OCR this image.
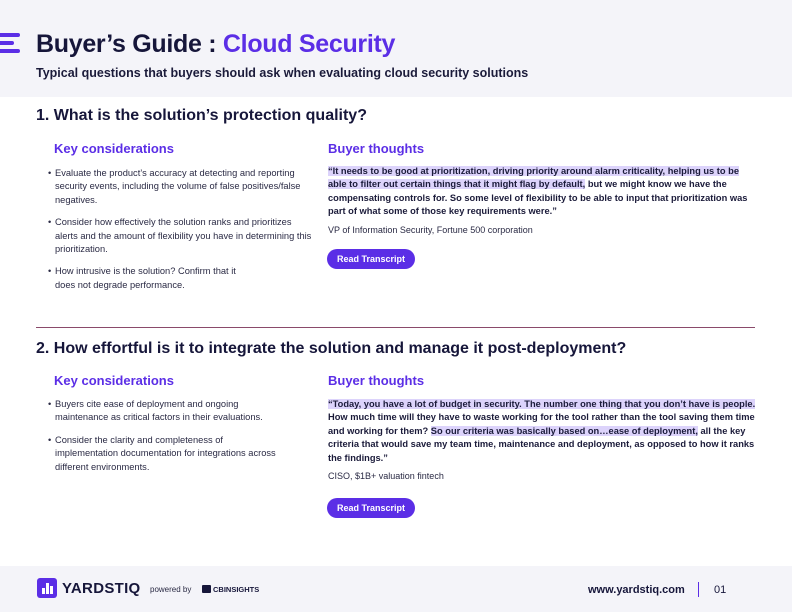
Buyer’s Guide : Cloud Security
Typical questions that buyers should ask when evaluating cloud security solutions
1. What is the solution’s protection quality?
Key considerations	Buyer thoughts
• Evaluate the product’s accuracy at detecting and reporting security events, including the volume of false positives/false negatives.
• Consider how effectively the solution ranks and prioritizes alerts and the amount of flexibility you have in determining this prioritization.
• How intrusive is the solution? Confirm that it does not degrade performance.
“It needs to be good at prioritization, driving priority around alarm criticality, helping us to be able to filter out certain things that it might flag by default, but we might know we have the compensating controls for. So some level of flexibility to be able to input that prioritization was part of what some of those key requirements were.”
VP of Information Security, Fortune 500 corporation
Read Transcript
2. How effortful is it to integrate the solution and manage it post-deployment?
Key considerations	Buyer thoughts
• Buyers cite ease of deployment and ongoing maintenance as critical factors in their evaluations.
• Consider the clarity and completeness of implementation documentation for integrations across different environments.
“Today, you have a lot of budget in security. The number one thing that you don’t have is people. How much time will they have to waste working for the tool rather than the tool saving them time and working for them? So our criteria was basically based on…ease of deployment, all the key criteria that would save my team time, maintenance and deployment, as opposed to how it ranks the findings.”
CISO, $1B+ valuation fintech
Read Transcript
YARDSTIQ powered by	CBINSIGHTS	www.yardstiq.com	01
